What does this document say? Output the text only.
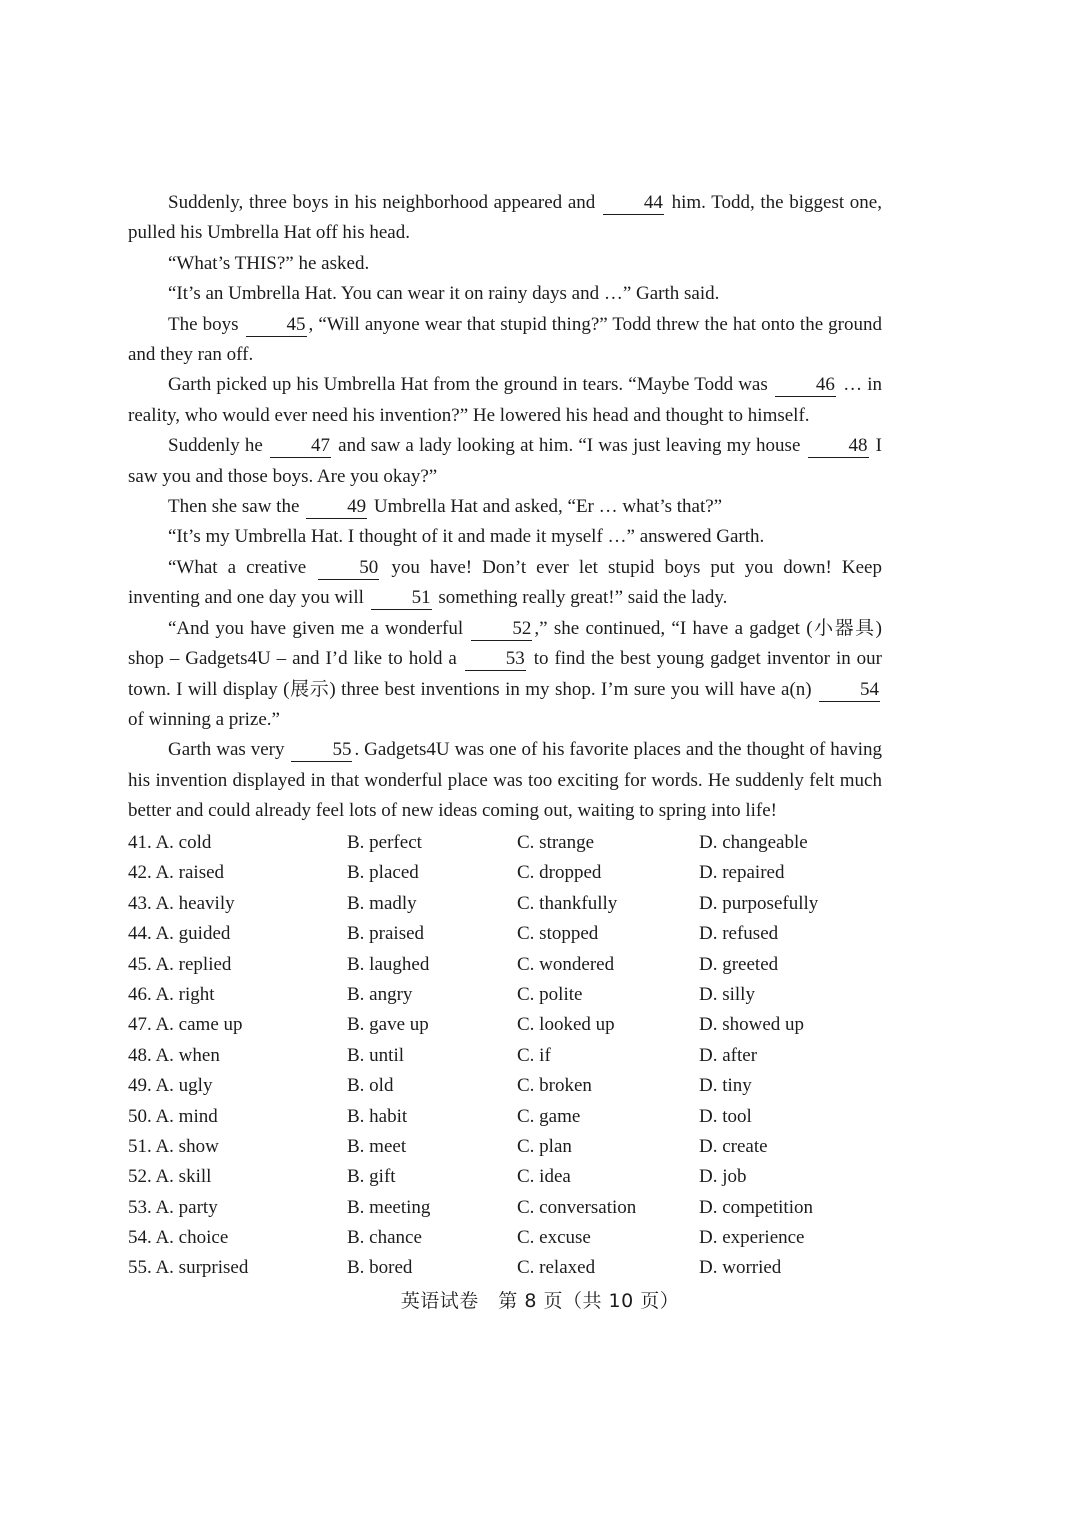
Suddenly, three boys in his neighborhood appeared and 44 him. Todd, the biggest one, pulled his Umbrella Hat off his head.

“What’s THIS?” he asked.

“It’s an Umbrella Hat. You can wear it on rainy days and …” Garth said.

The boys 45 , “Will anyone wear that stupid thing?” Todd threw the hat onto the ground and they ran off.

Garth picked up his Umbrella Hat from the ground in tears. “Maybe Todd was 46 … in reality, who would ever need his invention?” He lowered his head and thought to himself.

Suddenly he 47 and saw a lady looking at him. “I was just leaving my house 48 I saw you and those boys. Are you okay?”

Then she saw the 49 Umbrella Hat and asked, “Er … what’s that?”

“It’s my Umbrella Hat. I thought of it and made it myself …” answered Garth.

“What a creative 50 you have! Don’t ever let stupid boys put you down! Keep inventing and one day you will 51 something really great!” said the lady.

“And you have given me a wonderful 52 ,” she continued, “I have a gadget (小器具) shop – Gadgets4U – and I’d like to hold a 53 to find the best young gadget inventor in our town. I will display (展示) three best inventions in my shop. I’m sure you will have a(n) 54 of winning a prize.”

Garth was very 55 . Gadgets4U was one of his favorite places and the thought of having his invention displayed in that wonderful place was too exciting for words. He suddenly felt much better and could already feel lots of new ideas coming out, waiting to spring into life!

41. A. cold	B. perfect	C. strange	D. changeable
42. A. raised	B. placed	C. dropped	D. repaired
43. A. heavily	B. madly	C. thankfully	D. purposefully
44. A. guided	B. praised	C. stopped	D. refused
45. A. replied	B. laughed	C. wondered	D. greeted
46. A. right	B. angry	C. polite	D. silly
47. A. came up	B. gave up	C. looked up	D. showed up
48. A. when	B. until	C. if	D. after
49. A. ugly	B. old	C. broken	D. tiny
50. A. mind	B. habit	C. game	D. tool
51. A. show	B. meet	C. plan	D. create
52. A. skill	B. gift	C. idea	D. job
53. A. party	B. meeting	C. conversation	D. competition
54. A. choice	B. chance	C. excuse	D. experience
55. A. surprised	B. bored	C. relaxed	D. worried
英语试卷　第 8 页（共 10 页）
